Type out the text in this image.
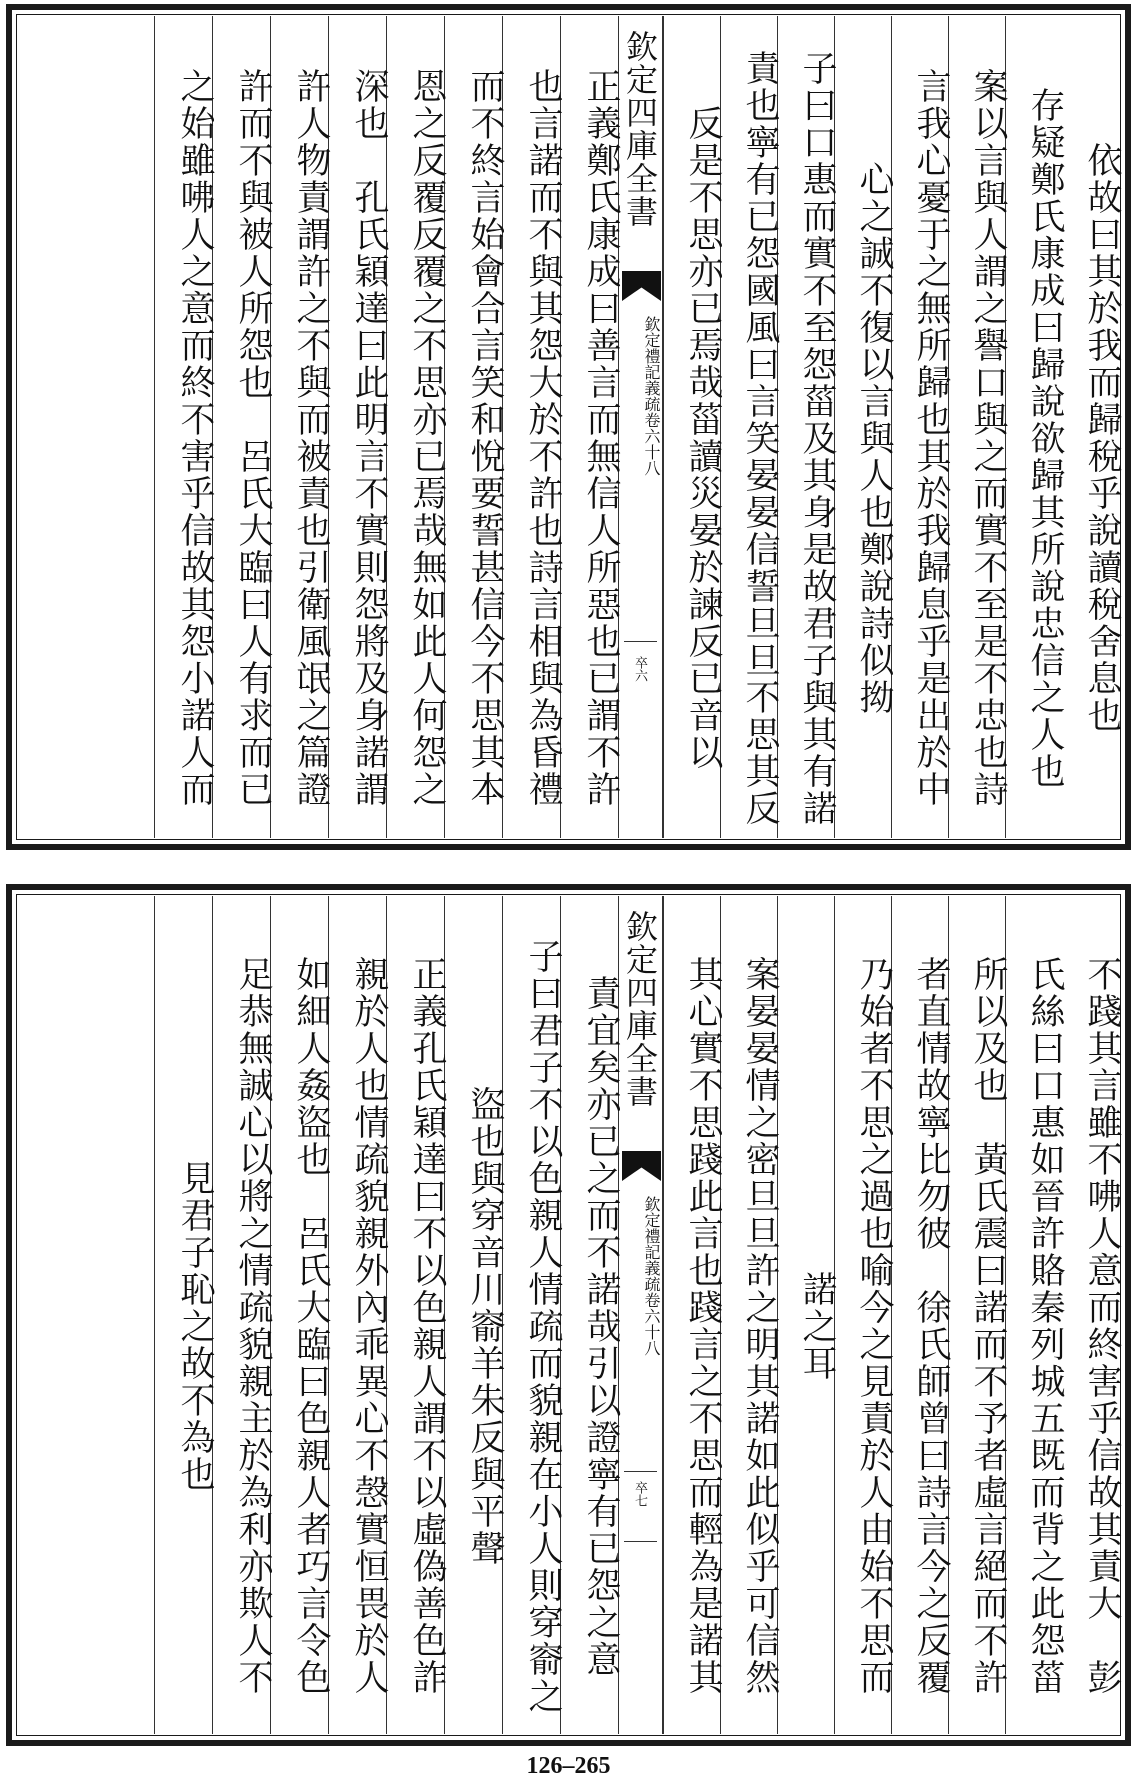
依故曰其於我而歸稅乎說讀稅舍息也
存疑鄭氏康成曰歸說欲歸其所說忠信之人也
案以言與人謂之譽口與之而實不至是不忠也詩
言我心憂于之無所歸也其於我歸息乎是出於中
心之誠不復以言與人也鄭說詩似拗
子曰口惠而實不至怨菑及其身是故君子與其有諾
責也寧有已怨國風曰言笑晏晏信誓旦旦不思其反
反是不思亦已焉哉菑讀災晏於諫反已音以
欽定四庫全書
欽定禮記義疏卷六十八
卒六
正義鄭氏康成曰善言而無信人所惡也已謂不許
也言諾而不與其怨大於不許也詩言相與為昏禮
而不終言始會合言笑和悅要誓甚信今不思其本
恩之反覆反覆之不思亦已焉哉無如此人何怨之
深也　孔氏穎達曰此明言不實則怨將及身諾謂
許人物責謂許之不與而被責也引衛風氓之篇證
許而不與被人所怨也　呂氏大臨曰人有求而已
之始雖咈人之意而終不害乎信故其怨小諾人而
不踐其言雖不咈人意而終害乎信故其責大　彭
氏絲曰口惠如晉許賂秦列城五既而背之此怨菑
所以及也　黃氏震曰諾而不予者虛言絕而不許
者直情故寧比勿彼　徐氏師曾曰詩言今之反覆
乃始者不思之過也喻今之見責於人由始不思而
諾之耳
案晏晏情之密旦旦許之明其諾如此似乎可信然
其心實不思踐此言也踐言之不思而輕為是諾其
欽定四庫全書
欽定禮記義疏卷六十八
卒七
責宜矣亦已之而不諾哉引以證寧有已怨之意
子曰君子不以色親人情疏而貌親在小人則穿窬之
盜也與穿音川窬羊朱反與平聲
正義孔氏穎達曰不以色親人謂不以虛偽善色詐
親於人也情疏貌親外內乖異心不愨實恒畏於人
如細人姦盜也　呂氏大臨曰色親人者巧言令色
足恭無誠心以將之情疏貌親主於為利亦欺人不
見君子恥之故不為也
126–265
